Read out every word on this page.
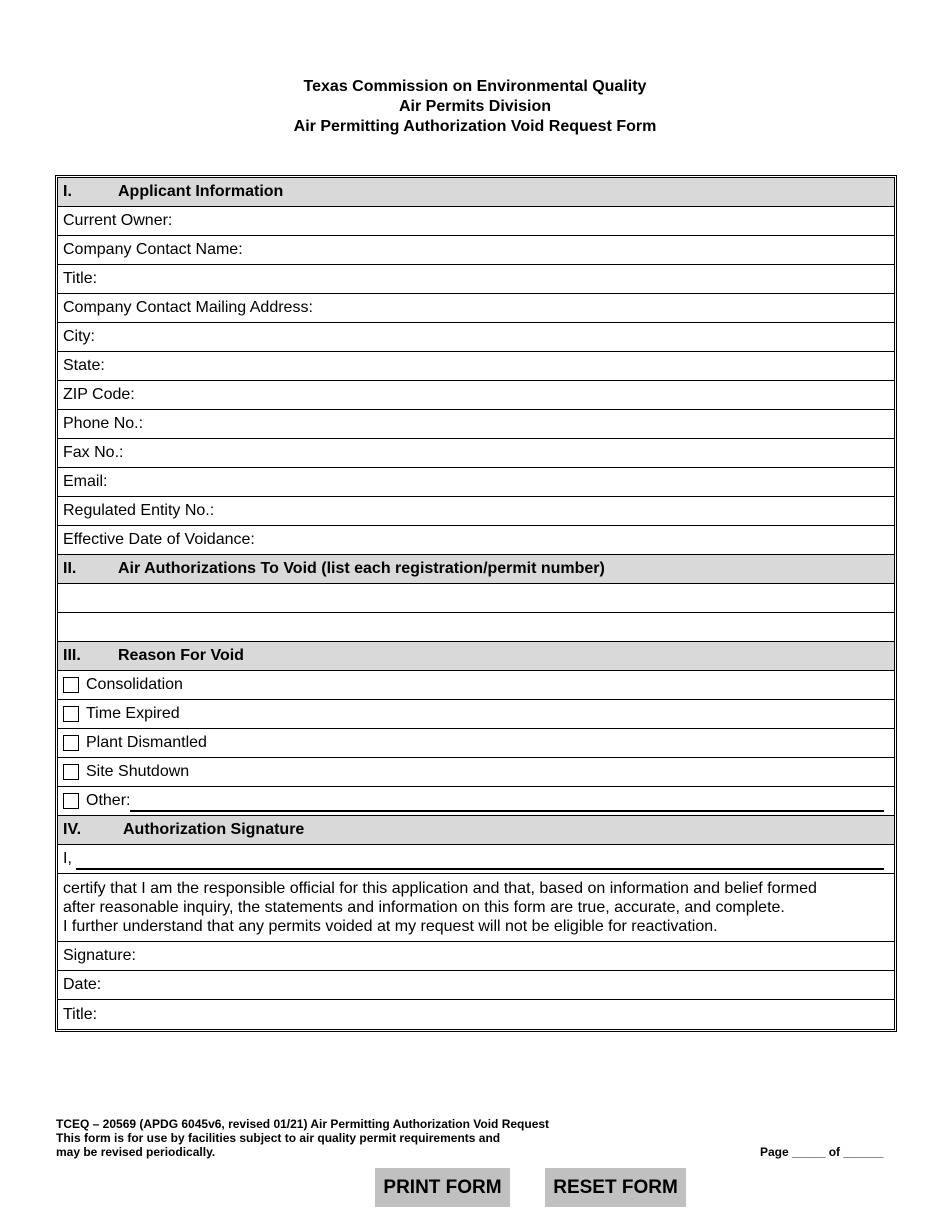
Texas Commission on Environmental Quality
Air Permits Division
Air Permitting Authorization Void Request Form
I.	Applicant Information
Current Owner:
Company Contact Name:
Title:
Company Contact Mailing Address:
City:
State:
ZIP Code:
Phone No.:
Fax No.:
Email:
Regulated Entity No.:
Effective Date of Voidance:
II.	Air Authorizations To Void (list each registration/permit number)
III.	Reason For Void
Consolidation
Time Expired
Plant Dismantled
Site Shutdown
Other:
IV.	Authorization Signature
I,
certify that I am the responsible official for this application and that, based on information and belief formed
after reasonable inquiry, the statements and information on this form are true, accurate, and complete.
I further understand that any permits voided at my request will not be eligible for reactivation.
Signature:
Date:
Title:
TCEQ – 20569 (APDG 6045v6, revised 01/21) Air Permitting Authorization Void Request
This form is for use by facilities subject to air quality permit requirements and
may be revised periodically.	Page _____ of ______
PRINT FORM	RESET FORM
